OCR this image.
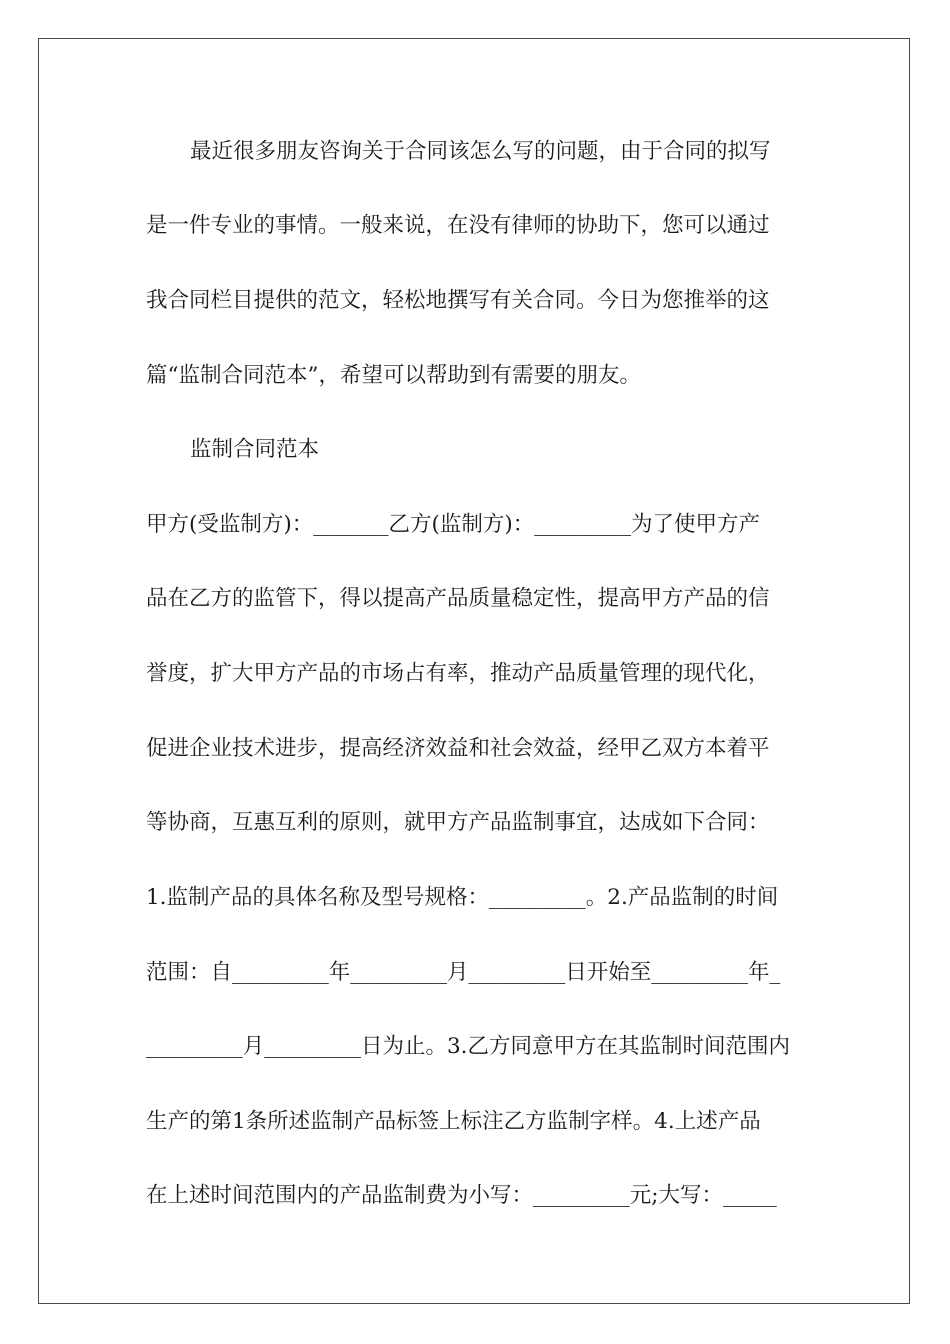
最近很多朋友咨询关于合同该怎么写的问题，由于合同的拟写

是一件专业的事情。一般来说，在没有律师的协助下，您可以通过

我合同栏目提供的范文，轻松地撰写有关合同。今日为您推举的这

篇“监制合同范本”，希望可以帮助到有需要的朋友。

监制合同范本

甲方(受监制方)：_______乙方(监制方)：_________为了使甲方产

品在乙方的监管下，得以提高产品质量稳定性，提高甲方产品的信

誉度，扩大甲方产品的市场占有率，推动产品质量管理的现代化，

促进企业技术进步，提高经济效益和社会效益，经甲乙双方本着平

等协商，互惠互利的原则，就甲方产品监制事宜，达成如下合同：

1.监制产品的具体名称及型号规格：_________。2.产品监制的时间

范围：自_________年_________月_________日开始至_________年_

_________月_________日为止。3.乙方同意甲方在其监制时间范围内

生产的第1条所述监制产品标签上标注乙方监制字样。4.上述产品

在上述时间范围内的产品监制费为小写：_________元;大写：_____
